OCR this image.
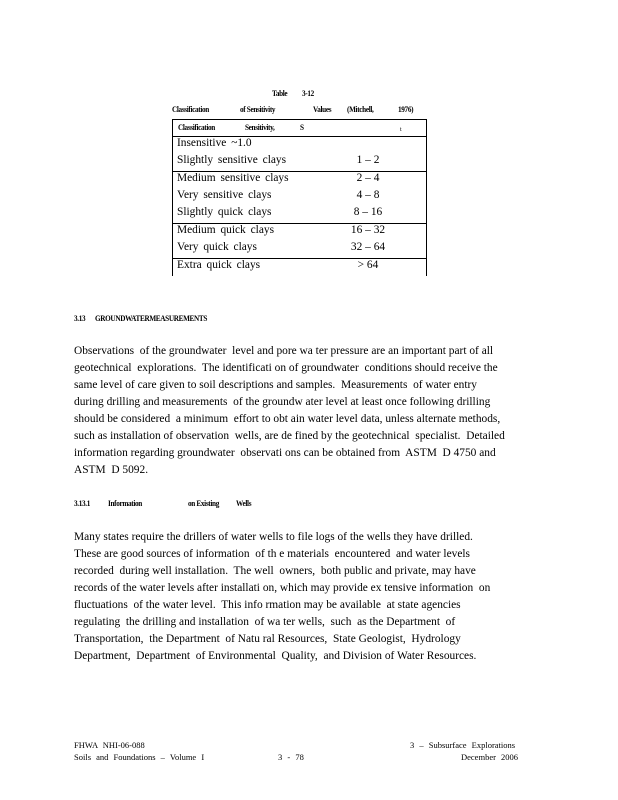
Table 3-12
Classification	of Sensitivity	Values (Mitchell,	1976)
Classification	Sensitivity,	S	t
Insensitive ~1.0
Slightly sensitive clays	1 – 2
Medium sensitive clays	2 – 4
Very sensitive clays	4 – 8
Slightly quick clays	8 – 16
Medium quick clays	16 – 32
Very quick clays	32 – 64
Extra quick clays	> 64
3.13 GROUNDWATERMEASUREMENTS
Observations  of the groundwater  level and pore wa ter pressure are an important part of all
geotechnical  explorations.  The identificati on of groundwater  conditions should receive the
same level of care given to soil descriptions and samples.  Measurements  of water entry
during drilling and measurements  of the groundw ater level at least once following drilling
should be considered  a minimum  effort to obt ain water level data, unless alternate methods,
such as installation of observation  wells, are de fined by the geotechnical  specialist.  Detailed
information regarding groundwater  observati ons can be obtained from  ASTM  D 4750 and
ASTM  D 5092.
3.13.1 Information	on Existing Wells
Many states require the drillers of water wells to file logs of the wells they have drilled.
These are good sources of information  of th e materials  encountered  and water levels
recorded  during well installation.  The well  owners,  both public and private, may have
records of the water levels after installati on, which may provide ex tensive information  on
fluctuations  of the water level.  This info rmation may be available  at state agencies
regulating  the drilling and installation  of wa ter wells,  such  as the Department  of
Transportation,  the Department  of Natu ral Resources,  State Geologist,  Hydrology
Department,  Department  of Environmental  Quality,  and Division of Water Resources.
FHWA NHI-06-088
Soils and Foundations – Volume I	3 - 78
3 – Subsurface Explorations
December 2006
